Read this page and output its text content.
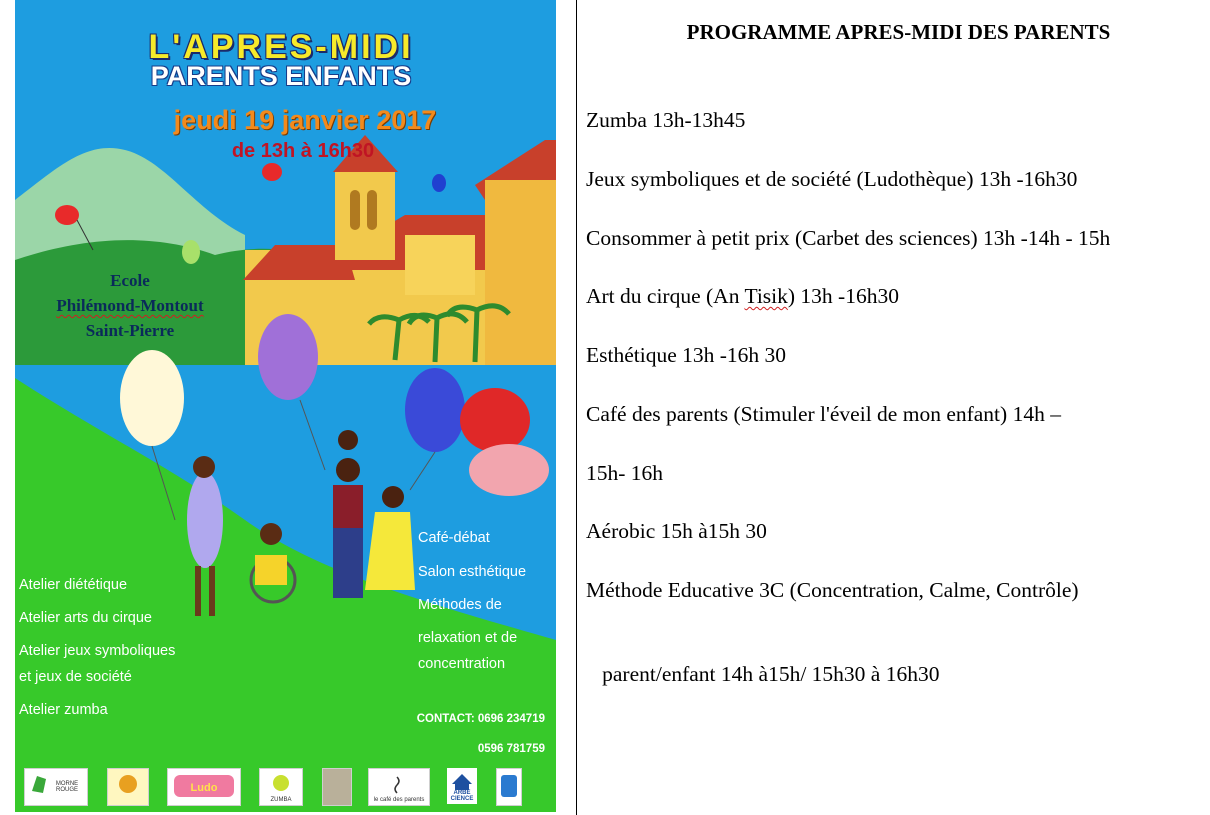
L'APRES-MIDI
PARENTS ENFANTS
jeudi 19 janvier 2017
de 13h à 16h30
Ecole
Philémond-Montout
Saint-Pierre
Atelier diététique
Atelier arts du cirque
Atelier jeux symboliques
et jeux de société
Atelier zumba
Café-débat
Salon esthétique
Méthodes de
relaxation et de
concentration
CONTACT: 0696 234719
0596 781759
MORNE ROUGE	Ludo
ZUMBA	le café des parents
ARBE CIENCE
PROGRAMME APRES-MIDI DES PARENTS
Zumba 13h-13h45
Jeux symboliques et de société (Ludothèque) 13h -16h30
Consommer à petit prix (Carbet des sciences) 13h -14h - 15h
Art du cirque (An Tisik) 13h -16h30
Esthétique 13h -16h 30
Café des parents (Stimuler l'éveil de mon enfant) 14h –
15h- 16h
Aérobic 15h à15h 30
Méthode Educative 3C (Concentration, Calme, Contrôle)

parent/enfant 14h à15h/ 15h30 à 16h30
